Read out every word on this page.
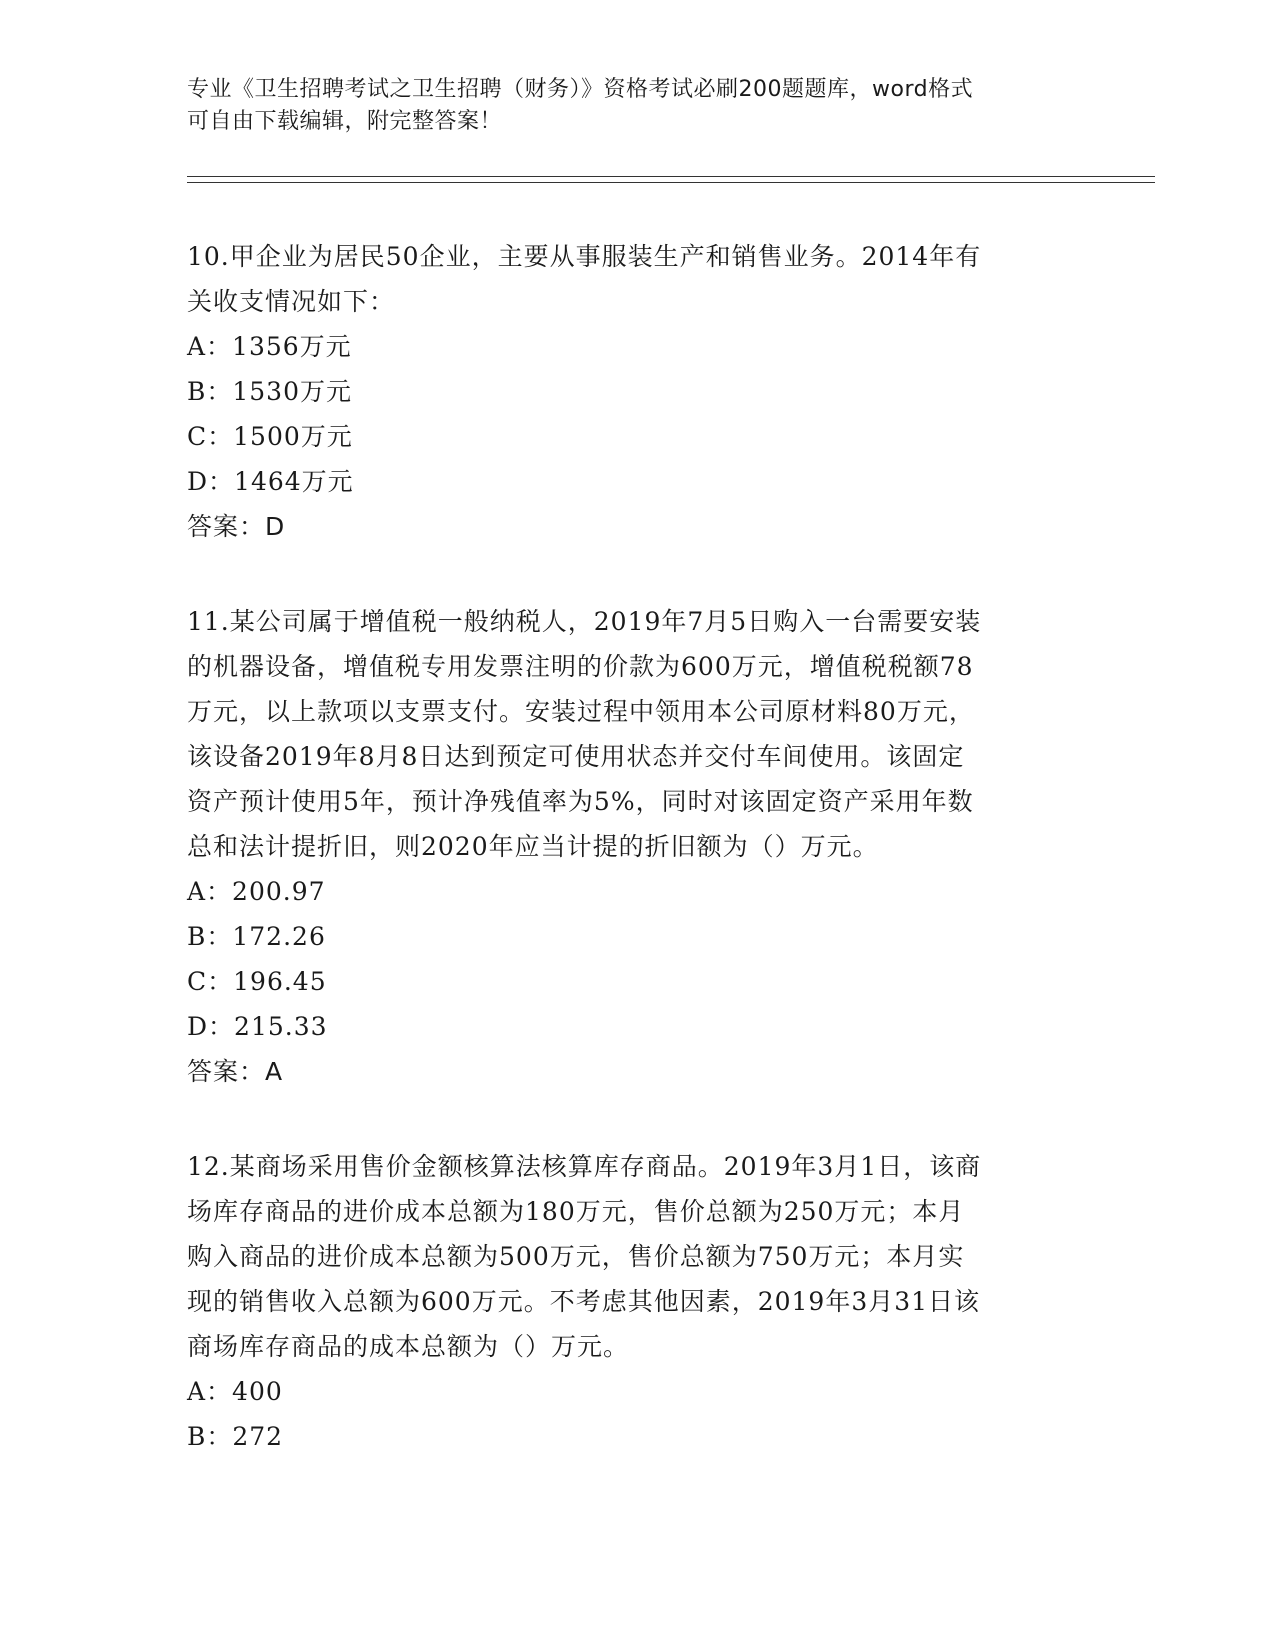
专业《卫生招聘考试之卫生招聘（财务）》资格考试必刷200题题库，word格式
可自由下载编辑，附完整答案！
10.甲企业为居民50企业，主要从事服装生产和销售业务。2014年有
关收支情况如下：
A：1356万元
B：1530万元
C：1500万元
D：1464万元
答案：D
11.某公司属于增值税一般纳税人，2019年7月5日购入一台需要安装
的机器设备，增值税专用发票注明的价款为600万元，增值税税额78
万元，以上款项以支票支付。安装过程中领用本公司原材料80万元，
该设备2019年8月8日达到预定可使用状态并交付车间使用。该固定
资产预计使用5年，预计净残值率为5%，同时对该固定资产采用年数
总和法计提折旧，则2020年应当计提的折旧额为（）万元。
A：200.97
B：172.26
C：196.45
D：215.33
答案：A
12.某商场采用售价金额核算法核算库存商品。2019年3月1日，该商
场库存商品的进价成本总额为180万元，售价总额为250万元；本月
购入商品的进价成本总额为500万元，售价总额为750万元；本月实
现的销售收入总额为600万元。不考虑其他因素，2019年3月31日该
商场库存商品的成本总额为（）万元。
A：400
B：272
